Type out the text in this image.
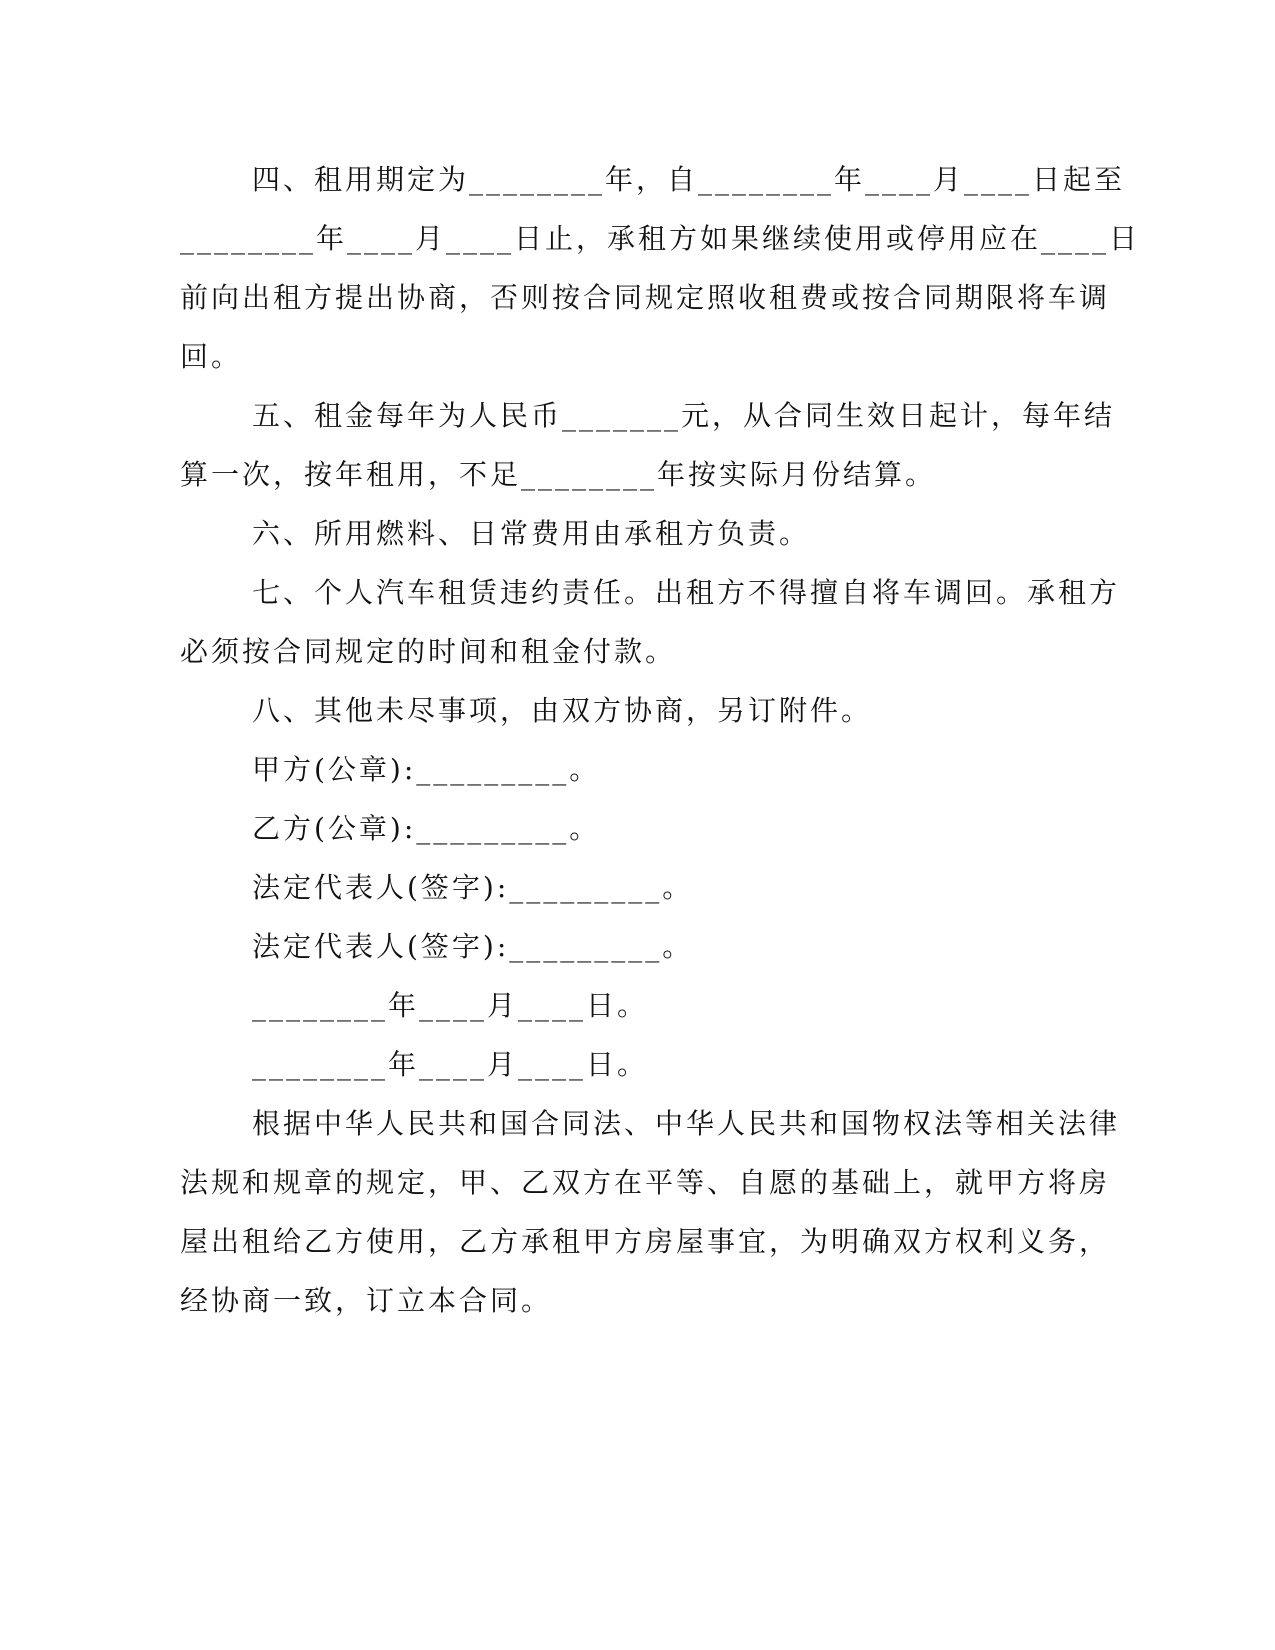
四、租用期定为________年，自________年____月____日起至
________年____月____日止，承租方如果继续使用或停用应在____日
前向出租方提出协商，否则按合同规定照收租费或按合同期限将车调
回。
五、租金每年为人民币_______元，从合同生效日起计，每年结
算一次，按年租用，不足________年按实际月份结算。
六、所用燃料、日常费用由承租方负责。
七、个人汽车租赁违约责任。出租方不得擅自将车调回。承租方
必须按合同规定的时间和租金付款。
八、其他未尽事项，由双方协商，另订附件。
甲方(公章):_________。
乙方(公章):_________。
法定代表人(签字):_________。
法定代表人(签字):_________。
________年____月____日。
________年____月____日。
根据中华人民共和国合同法、中华人民共和国物权法等相关法律
法规和规章的规定，甲、乙双方在平等、自愿的基础上，就甲方将房
屋出租给乙方使用，乙方承租甲方房屋事宜，为明确双方权利义务，
经协商一致，订立本合同。
